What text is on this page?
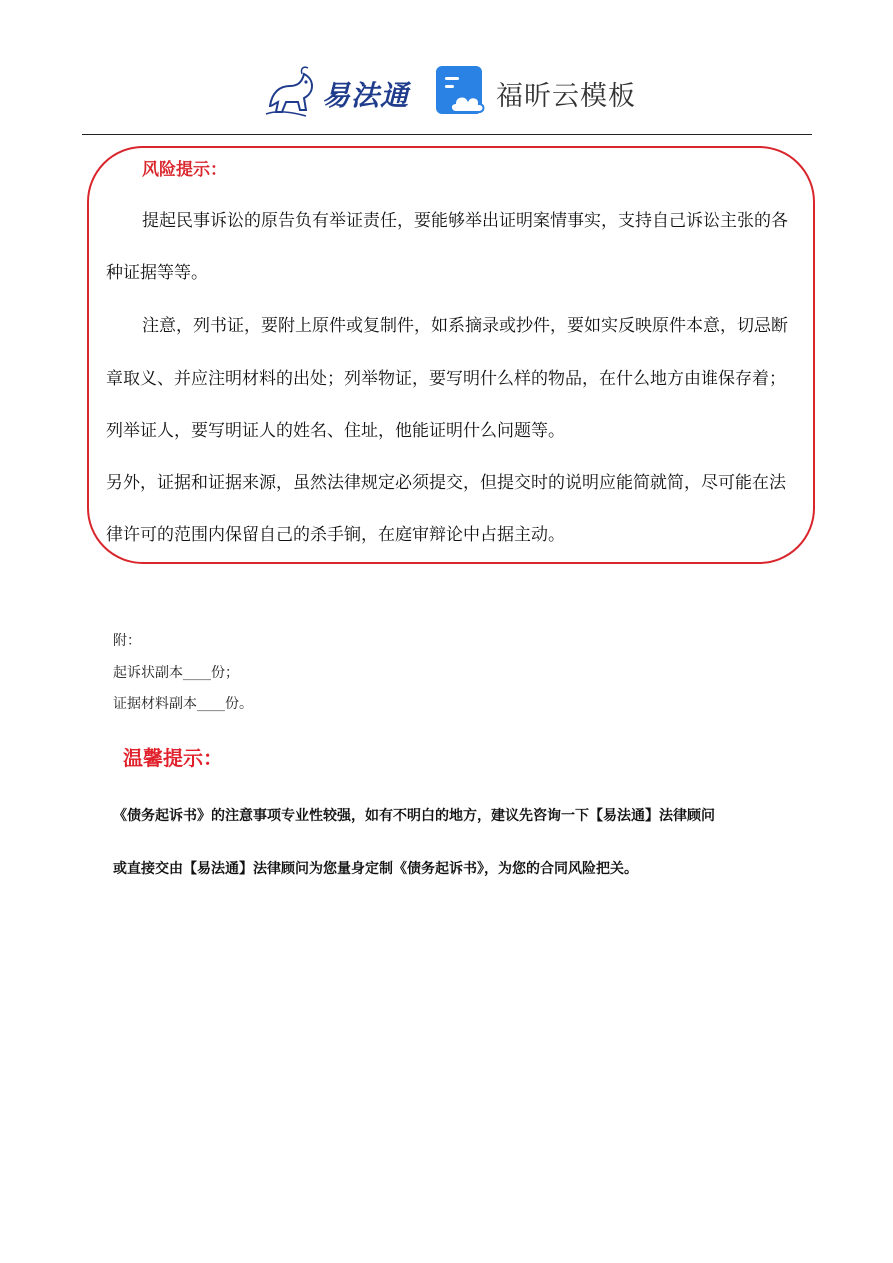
易法通	福昕云模板
风险提示：
提起民事诉讼的原告负有举证责任，要能够举出证明案情事实，支持自己诉讼主张的各
种证据等等。
注意，列书证，要附上原件或复制件，如系摘录或抄件，要如实反映原件本意，切忌断
章取义、并应注明材料的出处；列举物证，要写明什么样的物品，在什么地方由谁保存着；
列举证人，要写明证人的姓名、住址，他能证明什么问题等。
另外，证据和证据来源，虽然法律规定必须提交，但提交时的说明应能简就简，尽可能在法
律许可的范围内保留自己的杀手锏，在庭审辩论中占据主动。
附：
起诉状副本____份；
证据材料副本____份。
温馨提示：
《债务起诉书》的注意事项专业性较强，如有不明白的地方，建议先咨询一下【易法通】法律顾问
或直接交由【易法通】法律顾问为您量身定制《债务起诉书》，为您的合同风险把关。
